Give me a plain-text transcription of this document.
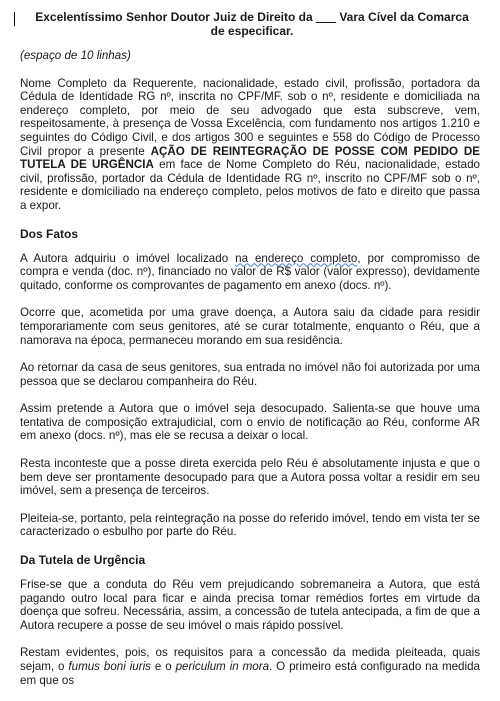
Excelentíssimo Senhor Doutor Juiz de Direito da ___ Vara Cível da Comarca
de especificar.
(espaço de 10 linhas)

Nome Completo da Requerente, nacionalidade, estado civil, profissão, portadora da Cédula de Identidade RG nº, inscrita no CPF/MF. sob o nº, residente e domiciliada na endereço completo, por meio de seu advogado que esta subscreve, vem, respeitosamente, à presença de Vossa Excelência, com fundamento nos artigos 1.210 e seguintes do Código Civil, e dos artigos 300 e seguintes e 558 do Código de Processo Civil propor a presente AÇÃO DE REINTEGRAÇÃO DE POSSE COM PEDIDO DE TUTELA DE URGÊNCIA em face de Nome Completo do Réu, nacionalidade, estado civil, profissão, portador da Cédula de Identidade RG nº, inscrito no CPF/MF sob o nº, residente e domiciliado na endereço completo, pelos motivos de fato e direito que passa a expor.

Dos Fatos

A Autora adquiriu o imóvel localizado na endereço completo, por compromisso de compra e venda (doc. nº), financiado no valor de R$ valor (valor expresso), devidamente quitado, conforme os comprovantes de pagamento em anexo (docs. nº).

Ocorre que, acometida por uma grave doença, a Autora saiu da cidade para residir temporariamente com seus genitores, até se curar totalmente, enquanto o Réu, que a namorava na época, permaneceu morando em sua residência.

Ao retornar da casa de seus genitores, sua entrada no imóvel não foi autorizada por uma pessoa que se declarou companheira do Réu.

Assim pretende a Autora que o imóvel seja desocupado. Salienta-se que houve uma tentativa de composição extrajudicial, com o envio de notificação ao Réu, conforme AR em anexo (docs. nº), mas ele se recusa a deixar o local.

Resta inconteste que a posse direta exercida pelo Réu é absolutamente injusta e que o bem deve ser prontamente desocupado para que a Autora possa voltar a residir em seu imóvel, sem a presença de terceiros.

Pleiteia-se, portanto, pela reintegração na posse do referido imóvel, tendo em vista ter se caracterizado o esbulho por parte do Réu.

Da Tutela de Urgência

Frise-se que a conduta do Réu vem prejudicando sobremaneira a Autora, que está pagando outro local para ficar e ainda precisa tomar remédios fortes em virtude da doença que sofreu. Necessária, assim, a concessão de tutela antecipada, a fim de que a Autora recupere a posse de seu imóvel o mais rápido possível.

Restam evidentes, pois, os requisitos para a concessão da medida pleiteada, quais sejam, o fumus boni iuris e o periculum in mora. O primeiro está configurado na medida em que os
